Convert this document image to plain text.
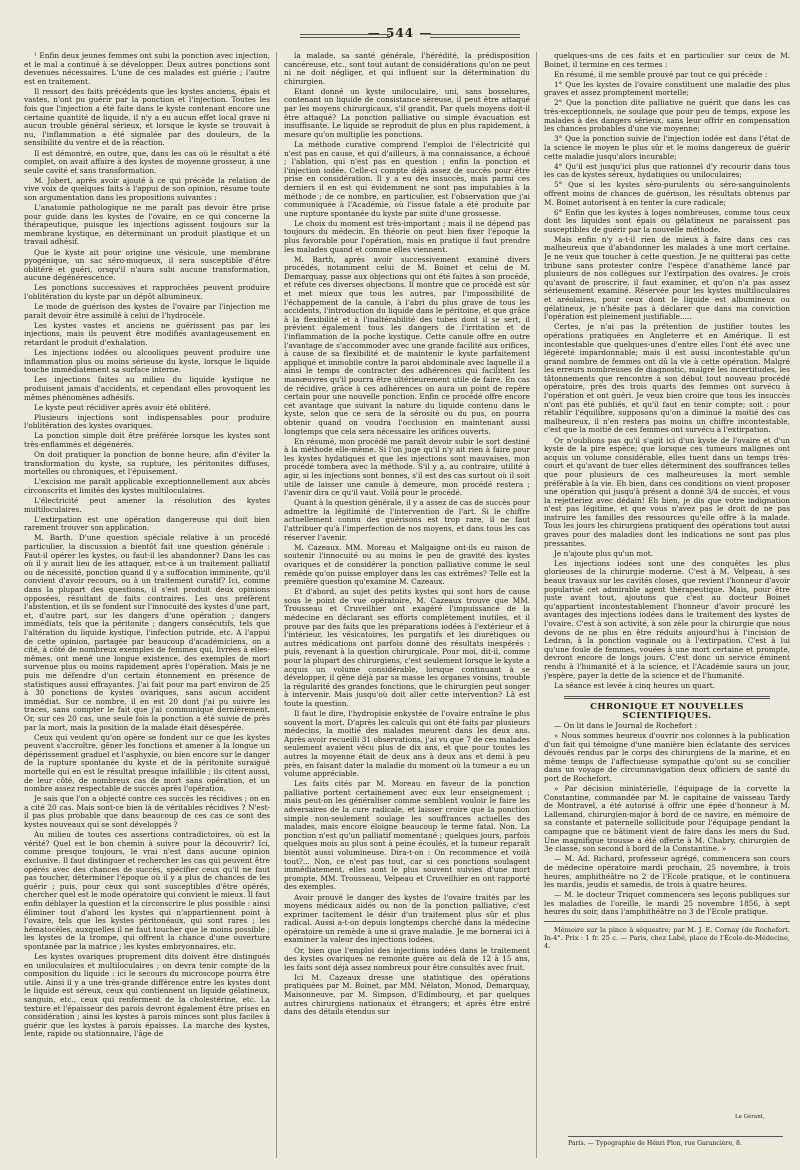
— 544 —

¹ Enfin deux jeunes femmes ont subi la ponction avec injection, et le mal a continué à se développer. Deux autres ponctions sont devenues nécessaires. L'une de ces malades est guérie ; l'autre est en traitement.

Il ressort des faits précédents que les kystes anciens, épais et vastes, n'ont pu guérir par la ponction et l'injection. Toutes les fois que l'injection a été faite dans le kyste contenant encore une certaine quantité de liquide, il n'y a eu aucun effet local grave ni aucun trouble général sérieux, et lorsque le kyste se trouvait à nu, l'inflammation a été signalée par des douleurs, de la sensibilité du ventre et de la réaction.

Il est démontré, en outre, que, dans les cas où le résultat a été complet, on avait affaire à des kystes de moyenne grosseur, à une seule cavité et sans transformation.

M. Jobert, après avoir ajouté à ce qui précède la relation de vive voix de quelques faits à l'appui de son opinion, résume toute son argumentation dans les propositions suivantes :

L'anatomie pathologique ne me paraît pas devoir être prise pour guide dans les kystes de l'ovaire, en ce qui concerne la thérapeutique, puisque les injections agissent toujours sur la membrane kystique, en déterminant un produit plastique et un travail adhésif.

Que le kyste ait pour origine une vésicule, une membrane pyogénique, un sac séro-muqueux, il sera susceptible d'être oblitéré et guéri, orsqu'il n'aura subi aucune transformation, aucune dégénérescence.

Les ponctions successives et rapprochées peuvent produire l'oblitération du kyste par un dépôt albumineux.

Le mode de guérison des kystes de l'ovaire par l'injection me paraît devoir être assimilé à celui de l'hydrocèle.

Les kystes vastes et anciens ne guérissent pas par les injections, mais ils peuvent être modifiés avantageusement en retardant le produit d'exhalation.

Les injections iodées ou alcooliques peuvent produire une inflammation plus ou moins sérieuse du kyste, lorsque le liquide touche immédiatement sa surface interne.

Les injections faites au milieu du liquide kystique ne produisent jamais d'accidents, et cependant elles provoquent les mêmes phénomènes adhésifs.

Le kyste peut récidiver après avoir été oblitéré.

Plusieurs injections sont indispensables pour produire l'oblitération des kystes ovariques.

La ponction simple doit être préférée lorsque les kystes sont très-enflammés et dégénérés.

On doit pratiquer la ponction de bonne heure, afin d'éviter la transformation du kyste, sa rupture, les péritonites diffuses, mortelles ou chroniques, et l'épuisement.

L'excision me paraît applicable exceptionnellement aux abcès circonscrits et limités des kystes multiloculaires.

L'électricité peut amener la résolution des kystes multiloculaires.

L'extirpation est une opération dangereuse qui doit bien rarement trouver son application.

M. Barth. D'une question spéciale relative à un procédé particulier, la discussion a bientôt fait une question générale : Faut-il opérer les kystes, ou faut-il les abandonner? Dans les cas où il y aurait lieu de les attaquer, est-ce à un traitement palliatif ou de nécessité, ponction quand il y a suffocation imminente, qu'il convient d'avoir recours, ou à un traitement curatif? Ici, comme dans la plupart des questions, il s'est produit deux opinions opposées, résultant de faits contraires. Les uns préfèrent l'abstention, et ils se fondent sur l'innocuité des kystes d'une part, et, d'autre part, sur les dangers d'une opération ; dangers immédiats, tels que la péritonite ; dangers consécutifs, tels que l'altération du liquide kystique, l'infection putride, etc. A l'appui de cette opinion, partagée par beaucoup d'académiciens, on a cité, à côté de nombreux exemples de femmes qui, livrées à elles-mêmes, ont mené une longue existence, des exemples de mort survenue plus ou moins rapidement après l'opération. Mais je ne puis me défendre d'un certain étonnement en présence de statistiques aussi effrayantes. J'ai fait pour ma part environ de 25 à 30 ponctions de kystes ovariques, sans aucun accident immédiat. Sur ce nombre, il en est 20 dont j'ai pu suivre les traces, sans compter le fait que j'ai communiqué dernièrement. Or, sur ces 20 cas, une seule fois la ponction a été suivie de près par la mort, mais la position de la malade était désespérée.

Ceux qui veulent qu'on opère se fondent sur ce que les kystes peuvent s'accroître, gêner les fonctions et amener à la longue un dépérissement graduel et l'asphyxie, ou bien encore sur le danger de la rupture spontanée du kyste et de la péritonite suraiguë mortelle qui en est le résultat presque infaillible ; ils citent aussi, de leur côté, de nombreux cas de mort sans opération, et un nombre assez respectable de succès après l'opération.

Je sais que l'on a objecté contre ces succès les récidives ; on en a cité 20 cas. Mais sont-ce bien là de véritables récidives ? N'est-il pas plus probable que dans beaucoup de ces cas ce sont des kystes nouveaux qui se sont développés ?

Au milieu de toutes ces assertions contradictoires, où est la vérité? Quel est le bon chemin à suivre pour la découvrir? Ici, comme presque toujours, le vrai n'est dans aucune opinion exclusive. Il faut distinguer et rechercher les cas qui peuvent être opérés avec des chances de succès, spécifier ceux qu'il ne faut pas toucher, déterminer l'époque où il y a plus de chances de les guérir ; puis, pour ceux qui sont susceptibles d'être opérés, chercher quel est le mode opératoire qui convient le mieux. Il faut enfin déblayer la question et la circonscrire le plus possible : ainsi éliminer tout d'abord les kystes qui n'appartiennent point à l'ovaire, tels que les kystes péritonéaux, qui sont rares ; les hématocèles, auxquelles il ne faut toucher que le moins possible ; les kystes de la trompe, qui offrent la chance d'une ouverture spontanée par la matrice ; les kystes embryonnaires, etc.

Les kystes ovariques proprement dits doivent être distingués en uniloculaires et multiloculaires ; on devra tenir compte de la composition du liquide : ici le secours du microscope pourra être utile. Ainsi il y a une très-grande différence entre les kystes dont le liquide est séreux, ceux qui contiennent un liquide gélatineux, sanguin, etc., ceux qui renferment de la cholestérine, etc. La texture et l'épaisseur des parois devront également être prises en considération ; ainsi les kystes à parois minces sont plus faciles à guérir que les kystes à parois épaisses. La marche des kystes, lente, rapide ou stationnaire, l'âge de

la malade, sa santé générale, l'hérédité, la prédisposition cancéreuse, etc., sont tout autant de considérations qu'on ne peut ni ne doit négliger, et qui influent sur la détermination du chirurgien.

Etant donné un kyste uniloculaire, uni, sans bosselures, contenant un liquide de consistance séreuse, il peut être attaqué par les moyens chirurgicaux, s'il grandit. Par quels moyens doit-il être attaqué? La ponction palliative ou simple évacuation est insuffisante. Le liquide se reproduit de plus en plus rapidement, à mesure qu'on multiplie les ponctions.

La méthode curative comprend l'emploi de l'électricité qui n'est pas en cause, et qui d'ailleurs, à ma connaissance, a échoué ; l'ablation, qui n'est pas en question ; enfin la ponction et l'injection iodée. Celle-ci compte déjà assez de succès pour être prise en considération. Il y a eu des insuccès, mais parmi ces derniers il en est qui évidemment ne sont pas imputables à la méthode ; de ce nombre, en particulier, est l'observation que j'ai communiquée à l'Académie, où l'issue fatale a été produite par une rupture spontanée du kyste par suite d'une grossesse.

Le choix du moment est très-important ; mais il ne dépend pas toujours du médecin. En théorie on peut bien fixer l'époque la plus favorable pour l'opération, mais en pratique il faut prendre les malades quand et comme elles viennent.

M. Barth, après avoir successivement examiné divers procédés, notamment celui de M. Boinet et celui de M. Demarquay, passe aux objections qui ont été faites à son procédé, et réfute ces diverses objections. Il montre que ce procédé est sûr et met mieux que tous les autres, par l'impossibilité de l'échappement de la canule, à l'abri du plus grave de tous les accidents, l'introduction du liquide dans le péritoine, et que grâce à la flexibilité et à l'inaltérabilité des tubes dont il se sert, il prévient également tous les dangers de l'irritation et de l'inflammation de la poche kystique. Cette canule offre en outre l'avantage de s'accommoder avec une grande facilité aux orifices, à cause de sa flexibilité et de maintenir le kyste parfaitement appliqué et immobile contre la paroi abdominale avec laquelle il a ainsi le temps de contracter des adhérences qui facilitent les manœuvres qu'il pourra être ultérieurement utile de faire. En cas de récidive, grâce à ces adhérences on aura un point de repère certain pour une nouvelle ponction. Enfin ce procédé offre encore cet avantage que suivant la nature du liquide contenu dans le kyste, selon que ce sera de la sérosité ou du pus, on pourra obtenir quand on voudra l'occlusion en maintenant aussi longtemps que cela sera nécessaire les orifices ouverts.

En résumé, mon procédé me paraît devoir subir le sort destiné à la méthode elle-même. Si l'on juge qu'il n'y ait rien à faire pour les kystes hydatiques et que les injections sont mauvaises, mon procédé tombera avec la méthode. S'il y a, au contraire, utilité à agir, si les injections sont bonnes, s'il est des cas surtout où il soit utile de laisser une canule à demeure, mon procédé restera ; l'avenir dira ce qu'il vaut. Voilà pour le procédé.

Quant à la question générale, il y a assez de cas de succès pour admettre la légitimité de l'intervention de l'art. Si le chiffre actuellement connu des guérisons est trop rare, il ne faut l'attribuer qu'à l'imperfection de nos moyens, et dans tous les cas réserver l'avenir.

M. Cazeaux. MM. Moreau et Malgaigne ont-ils eu raison de soutenir l'innocuité ou au moins le peu de gravité des kystes ovariques et de considérer la ponction palliative comme le seul remède qu'on puisse employer dans les cas extrêmes? Telle est la première question qu'examine M. Cazeaux.

Et d'abord, au sujet des petits kystes qui sont hors de cause sous le point de vue opératoire, M. Cazeaux trouve que MM. Trousseau et Cruveilhier ont exagéré l'impuissance de la médecine en déclarant ses efforts complètement inutiles, et il prouve par des faits que les préparations iodées à l'extérieur et à l'intérieur, les vésicatoires, les purgatifs et les diurétiques ou autres médications ont parfois donné des résultats inespérés : puis, revenant à la question chirurgicale. Pour moi, dit-il, comme pour la plupart des chirurgiens, c'est seulement lorsque le kyste a acquis un volume considérable, lorsque continuant à se développer, il gêne déjà par sa masse les organes voisins, trouble la régularité des grandes fonctions, que le chirurgien peut songer à intervenir. Mais jusqu'où doit aller cette intervention? Là est toute la question.

Il faut le dire, l'hydropisie enkystée de l'ovaire entraîne le plus souvent la mort. D'après les calculs qui ont été faits par plusieurs médecins, la moitié des malades meurent dans les deux ans. Après avoir recueilli 31 observations, j'ai vu que 7 de ces malades seulement avaient vécu plus de dix ans, et que pour toutes les autres la moyenne était de deux ans à deux ans et demi à peu près, en faisant dater la maladie du moment où la tumeur a eu un volume appréciable.

Les faits cités par M. Moreau en faveur de la ponction palliative portent certainement avec eux leur enseignement ; mais peut-on les généraliser comme semblent vouloir le faire les adversaires de la cure radicale, et laisser croire que la ponction simple non-seulement soulage les souffrances actuelles des malades, mais encore éloigne beaucoup le terme fatal. Non. La ponction n'est qu'un palliatif momentané ; quelques jours, parfois quelques mois au plus sont à peine écoulés, et la tumeur reparaît bientôt aussi volumineuse. Dira-t-on : On recommence et voilà tout?... Non, ce n'est pas tout, car si ces ponctions soulagent immédiatement, elles sont le plus souvent suivies d'une mort prompte. MM. Trousseau, Velpeau et Cruveilhier en ont rapporté des exemples.

Avoir prouvé le danger des kystes de l'ovaire traités par les moyens médicaux aidés ou non de la ponction palliative, c'est exprimer tacitement le désir d'un traitement plus sûr et plus radical. Aussi a-t-on depuis longtemps cherché dans la médecine opératoire un remède à une si grave maladie. Je me bornerai ici à examiner la valeur des injections iodées.

Or, bien que l'emploi des injections iodées dans le traitement des kystes ovariques ne remonte guère au delà de 12 à 15 ans, les faits sont déjà assez nombreux pour être consultés avec fruit.

Ici M. Cazeaux dresse une statistique des opérations pratiquées par M. Boinet, par MM. Nélaton, Monod, Demarquay, Maisonneuve, par M. Simpson, d'Edimbourg, et par quelques autres chirurgiens nationaux et étrangers; et après être entré dans des détails étendus sur

quelques-uns de ces faits et en particulier sur ceux de M. Boinet, il termine en ces termes :

En résumé, il me semble prouvé par tout ce qui précède :

1° Que les kystes de l'ovaire constituent une maladie des plus graves et assez promptement mortelle;

2° Que la ponction dite palliative ne guérit que dans les cas très-exceptionnels, ne soulage que pour peu de temps, expose les malades à des dangers sérieux, sans leur offrir en compensation les chances probables d'une vie moyenne;

3° Que la ponction suivie de l'injection iodée est dans l'état de la science le moyen le plus sûr et le moins dangereux de guérir cette maladie jusqu'alors incurable;

4° Qu'il est jusqu'ici plus que rationnel d'y recourir dans tous les cas de kystes séreux, hydatiques ou uniloculaires;

5° Que si les kystes séro-purulents ou séro-sanguinolents offrent moins de chances de guérison, les résultats obtenus par M. Boinet autorisent à en tenter la cure radicale;

6° Enfin que les kystes à loges nombreuses, comme tous ceux dont les liquides sont épais ou gélatineux ne paraissent pas susceptibles de guérir par la nouvelle méthode.

Mais enfin n'y a-t-il rien de mieux à faire dans ces cas malheureux que d'abandonner les malades à une mort certaine. Je ne veux que toucher à cette question. Je ne quitterai pas cette tribune sans protester contre l'espèce d'anathème lancé par plusieurs de nos collègues sur l'extirpation des ovaires. Je crois qu'avant de proscrire, il faut examiner, et qu'on n'a pas assez sérieusement examiné. Réservée pour les kystes multiloculaires et aréolaires, pour ceux dont le liquide est albumineux ou gélatineux, je n'hésite pas à déclarer que dans ma conviction l'opération est pleinement justifiable.....

Certes, je n'ai pas la prétention de justifier toutes les opérations pratiquées en Angleterre et en Amérique. Il est incontestable que quelques-unes d'entre elles l'ont été avec une légèreté impardonnable; mais il est aussi incontestable qu'un grand nombre de femmes ont dû la vie à cette opération. Malgré les erreurs nombreuses de diagnostic, malgré les incertitudes, les tâtonnements que rencontre à son début tout nouveau procédé opératoire, près des trois quarts des femmes ont survécu à l'opération et ont guéri. Je veux bien croire que tous les insuccès n'ont pas été publiés, et qu'il faut en tenir compte; soit : pour rétablir l'équilibre, supposons qu'on a diminué la moitié des cas malheureux, il n'en restera pas moins un chiffre incontestable, c'est que la moitié de ces femmes ont survécu à l'extirpation.

Or n'oublions pas qu'il s'agit ici d'un kyste de l'ovaire et d'un kyste de la pire espèce; que lorsque ces tumeurs malignes ont acquis un volume considérable, elles tuent dans un temps très-court et qu'avant de tuer elles déterminent des souffrances telles que pour plusieurs de ces malheureuses la mort semble préférable à la vie. Eh bien, dans ces conditions on vient proposer une opération qui jusqu'à présent a donné 3/4 de succès, et vous la rejetteriez avec dédain! Eh bien, je dis que votre indignation n'est pas légitime, et que vous n'avez pas le droit de ne pas instruire les familles des ressources qu'elle offre à la malade. Tous les jours les chirurgiens pratiquent des opérations tout aussi graves pour des maladies dont les indications ne sont pas plus pressantes.

Je n'ajoute plus qu'un mot.

Les injections iodées sont une des conquêtes les plus glorieuses de la chirurgie moderne. C'est à M. Velpeau, à ses beaux travaux sur les cavités closes, que revient l'honneur d'avoir popularisé cet admirable agent thérapeutique. Mais, pour être juste avant tout, ajoutons que c'est au docteur Boinet qu'appartient incontestablement l'honneur d'avoir procuré les avantages des injections iodées dans le traitement des kystes de l'ovaire. C'est à son activité, à son zèle pour la chirurgie que nous devons de ne plus en être réduits aujourd'hui à l'incision de Ledran, à la ponction vaginale ou à l'extirpation. C'est à lui qu'une foule de femmes, vouées à une mort certaine et prompte, devront encore de longs jours. C'est donc un service éminent rendu à l'humanité et à la science, et l'Académie saura un jour, j'espère, payer la dette de la science et de l'humanité.

La séance est levée à cinq heures un quart.

CHRONIQUE ET NOUVELLES SCIENTIFIQUES.

— On lit dans le Journal de Rochefort :

« Nous sommes heureux d'ouvrir nos colonnes à la publication d'un fait qui témoigne d'une manière bien éclatante des services dévoués rendus par le corps des chirurgiens de la marine, et en même temps de l'affectueuse sympathie qu'ont su se concilier dans un voyage de circumnavigation deux officiers de santé du port de Rochefort.

» Par décision ministérielle, l'équipage de la corvette la Constantine, commandée par M. le capitaine de vaisseau Tardy de Montravel, a été autorisé à offrir une épée d'honneur à M. Lallemand, chirurgien-major à bord de ce navire, en mémoire de sa constante et paternelle sollicitude pour l'équipage pendant la campagne que ce bâtiment vient de faire dans les mers du Sud. Une magnifique trousse a été offerte à M. Chabry, chirurgien de 3e classe, son second à bord de la Constantine. »

— M. Ad. Richard, professeur agrégé, commencera son cours de médecine opératoire mardi prochain, 25 novembre, à trois heures, amphithéâtre no 2 de l'Ecole pratique, et le continuera les mardis, jeudis et samedis, de trois à quatre heures.

— M. le docteur Triquet commencera ses leçons publiques sur les maladies de l'oreille, le mardi 25 novembre 1856, à sept heures du soir, dans l'amphithéâtre no 3 de l'Ecole pratique.

Mémoire sur la pince à séquestre; par M. J. E. Cornay (de Rochefort. In-4°. Prix : 1 fr. 25 c. — Paris, chez Labé, place de l'École-de-Médecine, 4.

Le Gérant,
Paris. — Typographie de Henri Plon, rue Garancière, 8.
